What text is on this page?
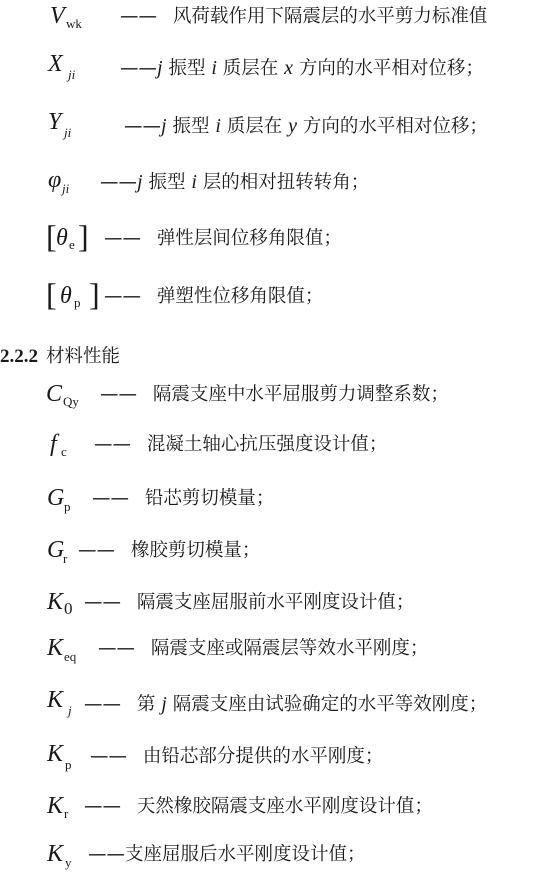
V wk —— 风荷载作用下隔震层的水平剪力标准值
X ji ——j 振型 i 质层在 x 方向的水平相对位移；
Y ji	——j 振型 i 质层在 y 方向的水平相对位移；
φ ji ——j 振型 i 层的相对扭转转角；
[ θ e ] —— 弹性层间位移角限值；
[ θ p ] —— 弹塑性位移角限值；
2.2.2 材料性能
C Qy —— 隔震支座中水平屈服剪力调整系数；
f c —— 混凝土轴心抗压强度设计值；
G p —— 铅芯剪切模量；
G
r —— 橡胶剪切模量；
K 0 —— 隔震支座屈服前水平刚度设计值；
K eq —— 隔震支座或隔震层等效水平刚度；
K j —— 第 j 隔震支座由试验确定的水平等效刚度；
K p —— 由铅芯部分提供的水平刚度；
K r —— 天然橡胶隔震支座水平刚度设计值；
K y ——支座屈服后水平刚度设计值；
